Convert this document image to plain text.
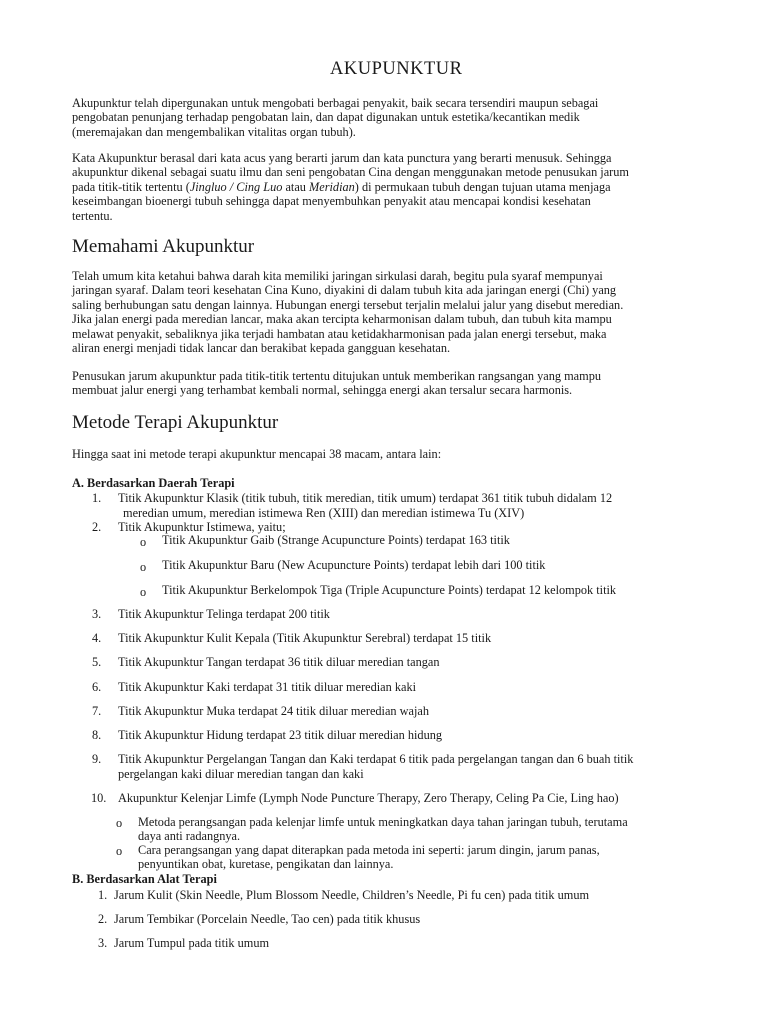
AKUPUNKTUR
Akupunktur telah dipergunakan untuk mengobati berbagai penyakit, baik secara tersendiri maupun sebagai
pengobatan penunjang terhadap pengobatan lain, dan dapat digunakan untuk estetika/kecantikan medik
(meremajakan dan mengembalikan vitalitas organ tubuh).
Kata Akupunktur berasal dari kata acus yang berarti jarum dan kata punctura yang berarti menusuk. Sehingga
akupunktur dikenal sebagai suatu ilmu dan seni pengobatan Cina dengan menggunakan metode penusukan jarum
pada titik-titik tertentu (Jingluo / Cing Luo atau Meridian) di permukaan tubuh dengan tujuan utama menjaga
keseimbangan bioenergi tubuh sehingga dapat menyembuhkan penyakit atau mencapai kondisi kesehatan
tertentu.
Memahami Akupunktur
Telah umum kita ketahui bahwa darah kita memiliki jaringan sirkulasi darah, begitu pula syaraf mempunyai
jaringan syaraf. Dalam teori kesehatan Cina Kuno, diyakini di dalam tubuh kita ada jaringan energi (Chi) yang
saling berhubungan satu dengan lainnya. Hubungan energi tersebut terjalin melalui jalur yang disebut meredian.
Jika jalan energi pada meredian lancar, maka akan tercipta keharmonisan dalam tubuh, dan tubuh kita mampu
melawat penyakit, sebaliknya jika terjadi hambatan atau ketidakharmonisan pada jalan energi tersebut, maka
aliran energi menjadi tidak lancar dan berakibat kepada gangguan kesehatan.
Penusukan jarum akupunktur pada titik-titik tertentu ditujukan untuk memberikan rangsangan yang mampu
membuat jalur energi yang terhambat kembali normal, sehingga energi akan tersalur secara harmonis.
Metode Terapi Akupunktur
Hingga saat ini metode terapi akupunktur mencapai 38 macam, antara lain:
A. Berdasarkan Daerah Terapi
1. Titik Akupunktur Klasik (titik tubuh, titik meredian, titik umum) terdapat 361 titik tubuh didalam 12
meredian umum, meredian istimewa Ren (XIII) dan meredian istimewa Tu (XIV)
2. Titik Akupunktur Istimewa, yaitu;
o Titik Akupunktur Gaib (Strange Acupuncture Points) terdapat 163 titik
o Titik Akupunktur Baru (New Acupuncture Points) terdapat lebih dari 100 titik
o Titik Akupunktur Berkelompok Tiga (Triple Acupuncture Points) terdapat 12 kelompok titik
3. Titik Akupunktur Telinga terdapat 200 titik
4. Titik Akupunktur Kulit Kepala (Titik Akupunktur Serebral) terdapat 15 titik
5. Titik Akupunktur Tangan terdapat 36 titik diluar meredian tangan
6. Titik Akupunktur Kaki terdapat 31 titik diluar meredian kaki
7. Titik Akupunktur Muka terdapat 24 titik diluar meredian wajah
8. Titik Akupunktur Hidung terdapat 23 titik diluar meredian hidung
9. Titik Akupunktur Pergelangan Tangan dan Kaki terdapat 6 titik pada pergelangan tangan dan 6 buah titik
pergelangan kaki diluar meredian tangan dan kaki
10. Akupunktur Kelenjar Limfe (Lymph Node Puncture Therapy, Zero Therapy, Celing Pa Cie, Ling hao)
o Metoda perangsangan pada kelenjar limfe untuk meningkatkan daya tahan jaringan tubuh, terutama
daya anti radangnya.
o Cara perangsangan yang dapat diterapkan pada metoda ini seperti: jarum dingin, jarum panas,
penyuntikan obat, kuretase, pengikatan dan lainnya.
B. Berdasarkan Alat Terapi
1. Jarum Kulit (Skin Needle, Plum Blossom Needle, Children’s Needle, Pi fu cen) pada titik umum
2. Jarum Tembikar (Porcelain Needle, Tao cen) pada titik khusus
3. Jarum Tumpul pada titik umum
